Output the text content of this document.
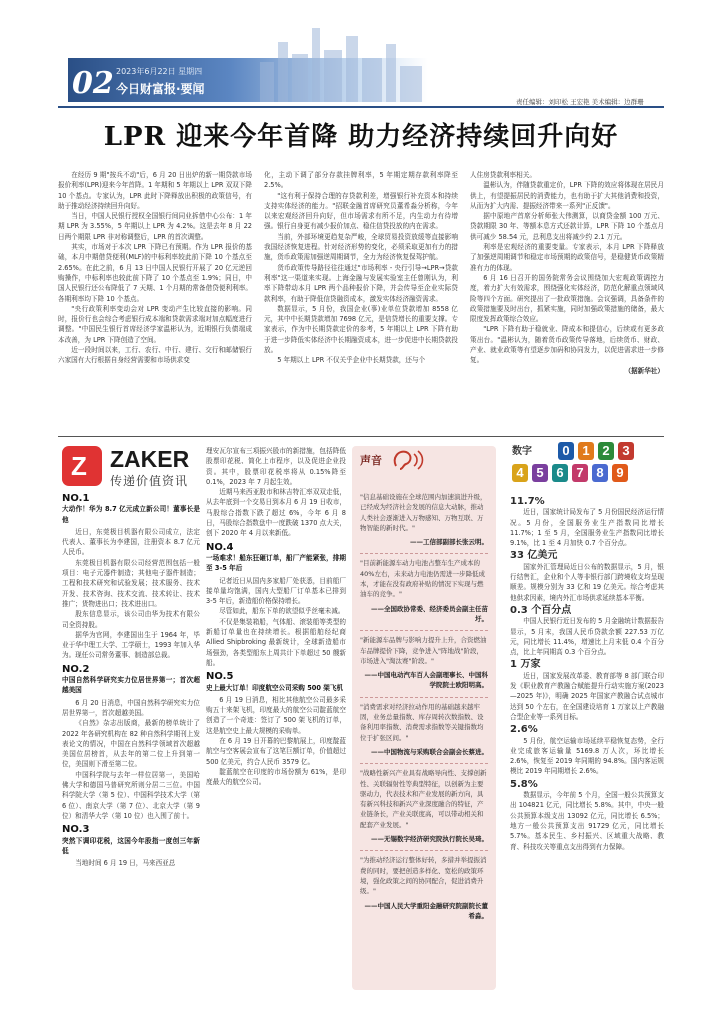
02 2023年6月22日 星期四
今日财富报·要闻
责任编辑：刘印松 王宏艳 美术编辑：边群珊
LPR 迎来今年首降 助力经济持续回升向好

在经历 9 期"按兵不动"后，6 月 20 日出炉的新一期贷款市场报价利率(LPR)迎来今年首降。1 年期和 5 年期以上 LPR 双双下降 10 个基点。专家认为，LPR 此时下降释放出积极的政策信号，有助于推动经济持续回升向好。

当日，中国人民银行授权全国银行间同业拆借中心公布：1 年期 LPR 为 3.55%，5 年期以上 LPR 为 4.2%。这是去年 8 月 22 日两个期限 LPR 非对称调整后，LPR 的首次调整。

其实，市场对于本次 LPR 下降已有预期。作为 LPR 报价的基础，本月中期借贷便利(MLF)的中标利率较此前下降 10 个基点至 2.65%。在此之前，6 月 13 日中国人民银行开展了 20 亿元逆回购操作，中标利率也较此前下降了 10 个基点至 1.9%；同日，中国人民银行还公布降低了 7 天期、1 个月期的常备借贷便利利率。各期利率均下降 10 个基点。

"央行政策利率变动会对 LPR 变动产生比较直接的影响。同时，报价行也会综合考虑银行成本端和贷款需求端对加点幅度进行调整。"中国民生银行首席经济学家温彬认为，近期银行负债端成本改善，为 LPR 下降创造了空间。

近一段时间以来，工行、农行、中行、建行、交行和邮储银行六家国有大行根据自身经营需要和市场供求变

化，主动下调了部分存款挂牌利率，5 年期定期存款利率降至 2.5%。

"这有利于保持合理的存贷款利差，增强银行补充资本和持续支持实体经济的能力。"招联金融首席研究员董希淼分析称，今年以来宏观经济回升向好，但市场需求有所不足，内生动力有待增强。银行自身更有减少报价加点、稳住信贷投放的内在需求。

当前，外部环境更趋复杂严峻，全球贸易投资放缓等直接影响我国经济恢复进程。针对经济形势的变化，必须采取更加有力的措施，货币政策需加强逆周期调节，全力为经济恢复保驾护航。

货币政策传导路径往往通过"市场利率 - 央行引导→LPR→贷款利率"这一渠道来实现。上海金融与发展实验室主任曾刚认为，利率下降带动本月 LPR 两个品种报价下降，并会传导至企业实际贷款利率，有助于降低信贷融资成本，激发实体经济融资需求。

数据显示，5 月份，我国企业(事)业单位贷款增加 8558 亿元，其中中长期贷款增加 7698 亿元，是信贷增长的重要支撑。专家表示，作为中长期贷款定价的参考，5 年期以上 LPR 下降有助于进一步降低实体经济中长期融资成本，进一步促进中长期贷款投放。

5 年期以上 LPR 不仅关乎企业中长期贷款，还与个

人住房贷款利率相关。

温彬认为，伴随贷款重定价，LPR 下降的效应将体现在居民月供上，有望提振居民的消费能力，也有助于扩大其他消费和投资，从而为扩大内需、提振经济带来一系列"正反馈"。

据中原地产首席分析师张大伟测算，以商贷金额 100 万元、贷款期限 30 年、等额本息方式还款计算，LPR 下降 10 个基点月供可减少 58.54 元，总利息支出将减少约 2.1 万元。

利率是宏观经济的重要变量。专家表示，本月 LPR 下降释放了加强逆周期调节和稳定市场预期的政策信号，是稳健货币政策精准有力的体现。

6 月 16 日召开的国务院常务会议围绕加大宏观政策调控力度，着力扩大有效需求，围绕强化实体经济，防范化解重点领域风险等四个方面。研究提出了一批政策措施。会议强调，具备条件的政策措施要及时出台，抓紧实施，同时加强政策措施的储备，最大限度发挥政策综合效应。

"LPR 下降有助于稳就业、降成本和提信心，后续或有更多政策出台。"温彬认为，随着货币政策传导落地，后续货币、财政、产业、就业政策等有望逐步加码和协同发力，以促进需求进一步修复。

（据新华社）
Z ZAKER
传递价值资讯
NO.1
大动作！华为 8.7 亿元成立新公司！董事长是他

近日，东莞极目机器有限公司成立，法定代表人、董事长为李建国，注册资本 8.7 亿元人民币。

东莞极目机器有限公司经营范围包括一般项目：电子元器件制造；其他电子器件制造；工程和技术研究和试验发展；技术服务、技术开发、技术咨询、技术交流、技术转让、技术推广；货物进出口；技术进出口。

股东信息显示，该公司由华为技术有限公司全资持股。

据华为官网，李建国出生于 1964 年，毕业于华中理工大学、工学硕士，1993 年加入华为。现任公司常务董事、制造部总裁。

NO.2
中国自然科学研究实力位居世界第一；首次超越美国

6 月 20 日消息，中国自然科学研究实力位居世界第一，首次超越美国。

《自然》杂志出版商，最新的榜单统计了 2022 年各研究机构在 82 种自然科学期刊上发表论文的情况，中国在自然科学领域首次超越美国位居榜首，从去年的第二位上升到第一位，美国则下滑至第二位。

中国科学院与去年一样位居第一，美国哈佛大学和德国马普研究所则分居二三位。中国科学院大学（第 5 位）、中国科学技术大学（第 6 位）、南京大学（第 7 位）、北京大学（第 9 位）和清华大学（第 10 位）也入围了前十。

NO.3
突然下调印花税，这国今年股指一度创三年新低

当地时间 6 月 19 日，马来西亚总

理安瓦尔宣布三项振兴股市的新措施，包括降低股票印花税、简化上市程序，以及促进企业投资。其中，股票印花税率将从 0.15%降至 0.1%，2023 年 7 月起生效。

近期马来西亚股市和林吉特汇率双双走低，从去年底到一个交易日到本月 6 月 19 日收市，马股综合指数下跌了超过 6%，今年 6 月 8 日，马股综合指数盘中一度跌破 1370 点大关，创下 2020 年 4 月以来新低。

NO.4
一场难求！船东狂砸订单，船厂产能紧张，排期至 3-5 年后

记者近日从国内多家船厂处获悉，目前船厂接单量均饱满，国内大型船厂订单基本已排到 3-5 年后，新造船价格保持增长。

尽管如此，船东下单的欲望似乎丝毫未减。

不仅是集装箱船，气体船、滚装船等类型的新船订单量也在持续增长。根据船舶经纪商 Allied Shipbroking 最新统计，全球新造船市场强劲，各类型船东上周共计下单超过 50 艘新船。

NO.5
史上最大订单！印度航空公司采购 500 架飞机

6 月 19 日消息，相比其他航空公司最多采购五十来架飞机，印度最大的航空公司靛蓝航空创造了一个奇迹：签订了 500 架飞机的订单，这是航空史上最大规模的采购单。

在 6 月 19 日开幕的巴黎航展上，印度靛蓝航空与空客展会宣布了这笔巨额订单，价值超过 500 亿美元，约合人民币 3579 亿。

靛蓝航空在印度的市场份额为 61%，是印度最大的航空公司。

声音
"信息基础设施在全球范围内加速演进升级，已经成为经济社会发展的信息大动脉，推动人类社会逐渐进入万物感知、万物互联、万物智能的新时代。"
——工信部副部长张云明。
"目前新能源车动力电池占整车生产成本的40%左右，未来动力电池仍需进一步降低成本，才能在没有政府补贴的情况下实现与燃油车的竞争。"
——全国政协常委、经济委员会副主任苗圩。
"新能源车品牌与影响力提升上升，合资燃油车品牌提价下降，竞争进入"阵地战"阶段，市场进入"淘汰赛"阶段。"
——中国电动汽车百人会副理事长、中国科学院院士欧阳明高。
"消费需求对经济拉动作用的基础越来越牢固，业务总量指数、库存周转次数指数、设备利用率指数、消费需求指数等关键指数均位于扩张区间。"
——中国物流与采购联合会副会长蔡进。
"战略性新兴产业具有战略导向性、支撑创新性、关联辐射性等典型特征，以创新为主要驱动力，代表技术和产业发展的新方向，具有新兴科技和新兴产业深度融合的特征，产业链条长，产业关联度高，可以带动相关和配套产业发展。"
——无锡数字经济研究院执行院长吴琦。
"为推动经济运行整体好转，多措并举提振消费的同时，要把创造多样化、宽松的政策环境，强化政策之间的协同配合，促进消费升级。"
——中国人民大学重阳金融研究院副院长董希淼。
数字	0 1 2 3
4 5 6 7 8 9
11.7%

近日，国家统计局发布了 5 月份国民经济运行情况。5 月份，全国服务业生产指数同比增长 11.7%；1 至 5 月，全国服务业生产指数同比增长 9.1%，比 1 至 4 月加快 0.7 个百分点。

33 亿美元

国家外汇管理局近日公布的数据显示，5 月，银行结售汇，企业和个人等非银行部门跨境收支均呈现顺差。规模分别为 33 亿和 19 亿美元。综合考虑其他供求因素，境内外汇市场供求延续基本平衡。

0.3 个百分点

中国人民银行近日发布的 5 月金融统计数据报告显示，5 月末，我国人民币贷款余额 227.53 万亿元，同比增长 11.4%，增速比上月末低 0.4 个百分点，比上年同期高 0.3 个百分点。

1 万家

近日，国家发展改革委、教育部等 8 部门联合印发《职业教育产教融合赋能提升行动实施方案(2023—2025 年)》，明确 2025 年国家产教融合试点城市达到 50 个左右，在全国建设培育 1 万家以上产教融合型企业等一系列目标。

2.6%

5 月份，航空运输市场延续平稳恢复态势，全行业完成旅客运输量 5169.8 万人次，环比增长 2.6%，恢复至 2019 年同期的 94.8%。国内客运规模比 2019 年同期增长 2.6%。

5.8%

数据显示，今年前 5 个月，全国一般公共预算支出 104821 亿元，同比增长 5.8%。其中，中央一般公共预算本级支出 13092 亿元，同比增长 6.5%；地方一般公共预算支出 91729 亿元，同比增长 5.7%。基本民生、乡村振兴、区域重大战略、教育、科技攻关等重点支出得到有力保障。
